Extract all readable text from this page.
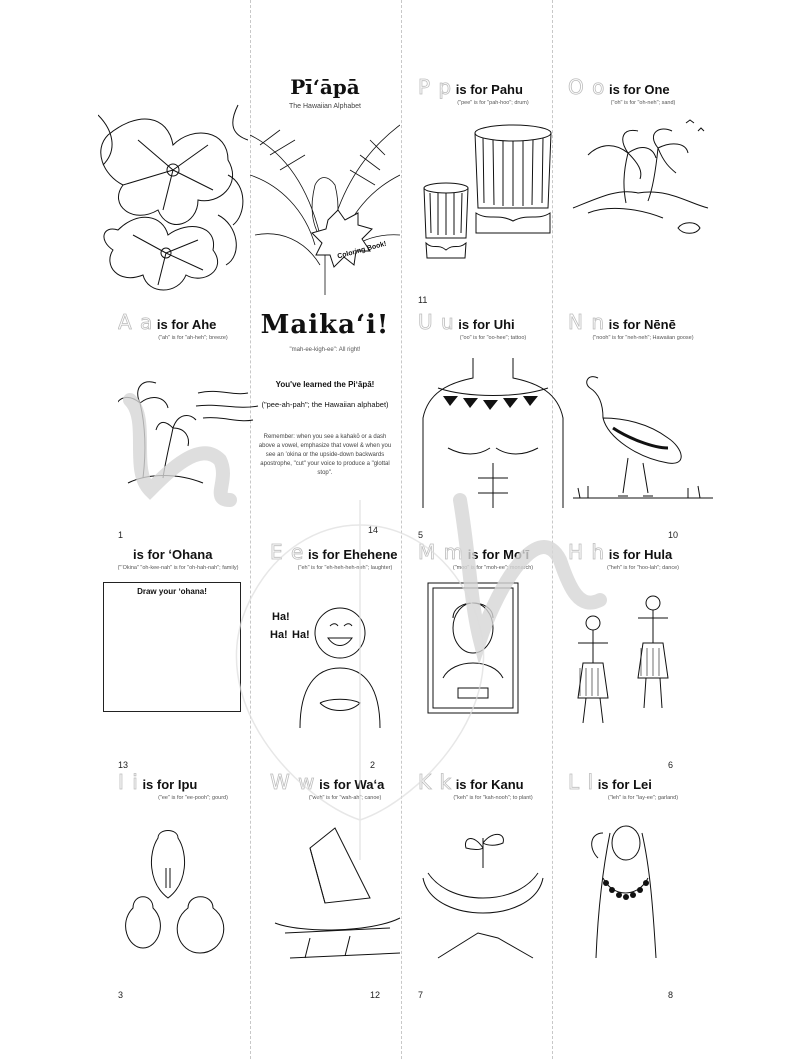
Pīʻāpā
The Hawaiian Alphabet
Coloring Book!
P p is for Pahu
("pee" is for "pah-hoo"; drum)
11
O o is for One
("oh" is for "oh-neh"; sand)
A a is for Ahe
("ah" is for "ah-heh"; breeze)
1
Maikaʻi!
"mah-ee-kigh-ee": All right!
You've learned the Piʻāpā!
("pee-ah-pah"; the Hawaiian alphabet)
Remember: when you see a kahakō or a dash above a vowel, emphasize that vowel & when you see an ʻokina or the upside-down backwards apostrophe, "cut" your voice to produce a "glottal stop".
14
U u is for Uhi
("oo" is for "oo-hee"; tattoo)
5
N n is for Nēnē
("nooh" is for "neh-neh"; Hawaiian goose)
10
is for ʻOhana
("ʻOkina" "oh-kee-nah" is for "oh-hah-nah"; family)
Draw your ʻohana!
13
E e is for Ehehene
("eh" is for "eh-heh-heh-neh"; laughter)
Ha!
Ha! Ha!
2
M m is for Moʻī
("moo" is for "moh-ee"; monarch)
H h is for Hula
("heh" is for "hoo-lah"; dance)
6
I i is for Ipu
("ee" is for "ee-pooh"; gourd)
3
W w is for Waʻa
("weh" is for "wah-ah"; canoe)
12
K k is for Kanu
("keh" is for "kah-nooh"; to plant)
7
L l is for Lei
("leh" is for "lay-ee"; garland)
8
